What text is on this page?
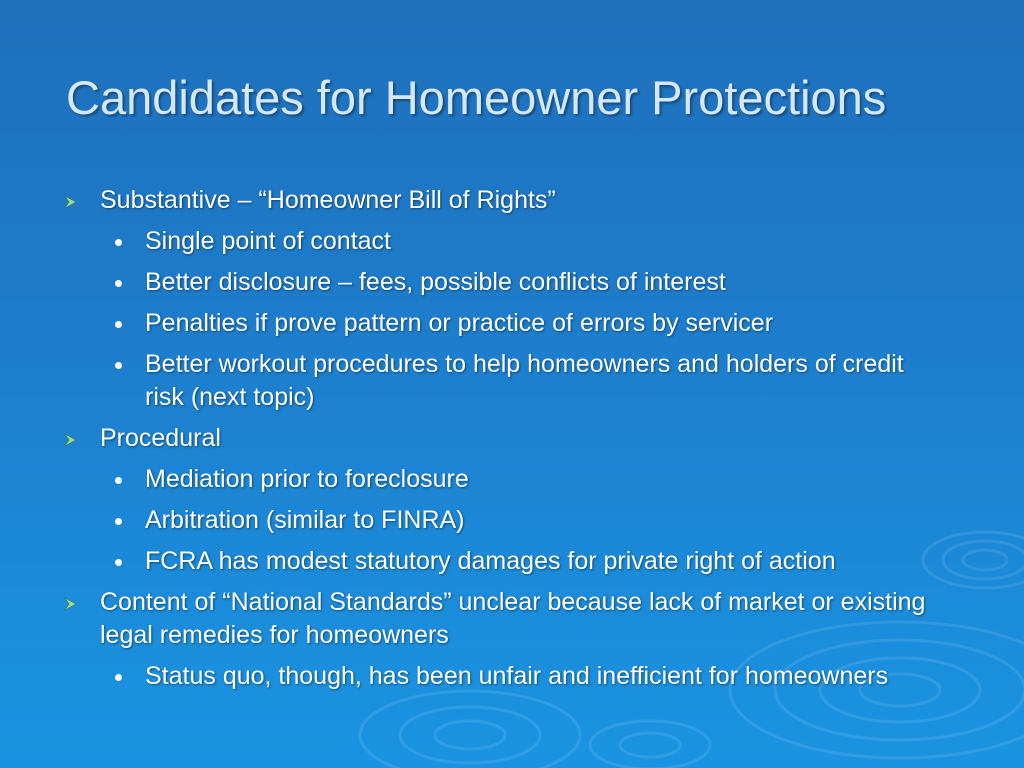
Candidates for Homeowner Protections
Substantive – “Homeowner Bill of Rights”
Single point of contact
Better disclosure – fees, possible conflicts of interest
Penalties if prove pattern or practice of errors by servicer
Better workout procedures to help homeowners and holders of credit risk (next topic)
Procedural
Mediation prior to foreclosure
Arbitration (similar to FINRA)
FCRA has modest statutory damages for private right of action
Content of “National Standards” unclear because lack of market or existing legal remedies for homeowners
Status quo, though, has been unfair and inefficient for homeowners
